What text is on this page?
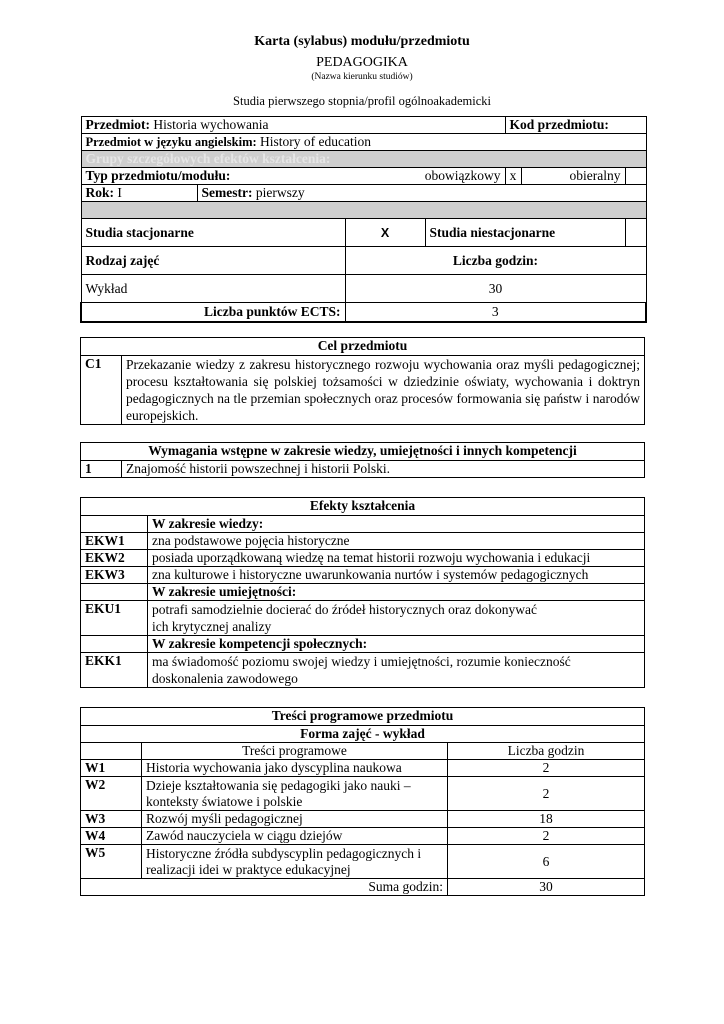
Karta (sylabus) modułu/przedmiotu
PEDAGOGIKA
(Nazwa kierunku studiów)
Studia pierwszego stopnia/profil ogólnoakademicki
Przedmiot: Historia wychowania				Kod przedmiotu:		
Przedmiot w języku angielskim: History of education						
Grupy szczegółowych efektów kształcenia:						
Typ przedmiotu/modułu:		obowiązkowy		x	obieralny	
Rok: I	Semestr: pierwszy					

Studia stacjonarne		X	Studia niestacjonarne			
Rodzaj zajęć		Liczba godzin:				
Wykład		30				
Liczba punktów ECTS:		3				
Cel przedmiotu
C1	Przekazanie wiedzy z zakresu historycznego rozwoju wychowania oraz myśli pedagogicznej; procesu kształtowania się polskiej tożsamości w dziedzinie oświaty, wychowania i doktryn pedagogicznych na tle przemian społecznych oraz procesów formowania się państw i narodów europejskich.
Wymagania wstępne w zakresie wiedzy, umiejętności i innych kompetencji
1	Znajomość historii powszechnej i historii Polski.
Efekty kształcenia	
	W zakresie wiedzy:
EKW1	zna podstawowe pojęcia historyczne
EKW2	posiada uporządkowaną wiedzę na temat historii rozwoju wychowania i edukacji
EKW3	zna kulturowe i historyczne uwarunkowania nurtów i systemów pedagogicznych
	W zakresie umiejętności:
EKU1	potrafi samodzielnie docierać do źródeł historycznych oraz dokonywać ich krytycznej analizy
	W zakresie kompetencji społecznych:
EKK1	ma świadomość poziomu swojej wiedzy i umiejętności, rozumie konieczność doskonalenia zawodowego
Treści programowe przedmiotu		
Forma zajęć - wykład		
	Treści programowe	Liczba godzin
W1	Historia wychowania jako dyscyplina naukowa	2
W2	Dzieje kształtowania się pedagogiki jako nauki – konteksty światowe i polskie	2
W3	Rozwój myśli pedagogicznej	18
W4	Zawód nauczyciela w ciągu dziejów	2
W5	Historyczne źródła subdyscyplin pedagogicznych i realizacji idei w praktyce edukacyjnej	6
Suma godzin:		30
